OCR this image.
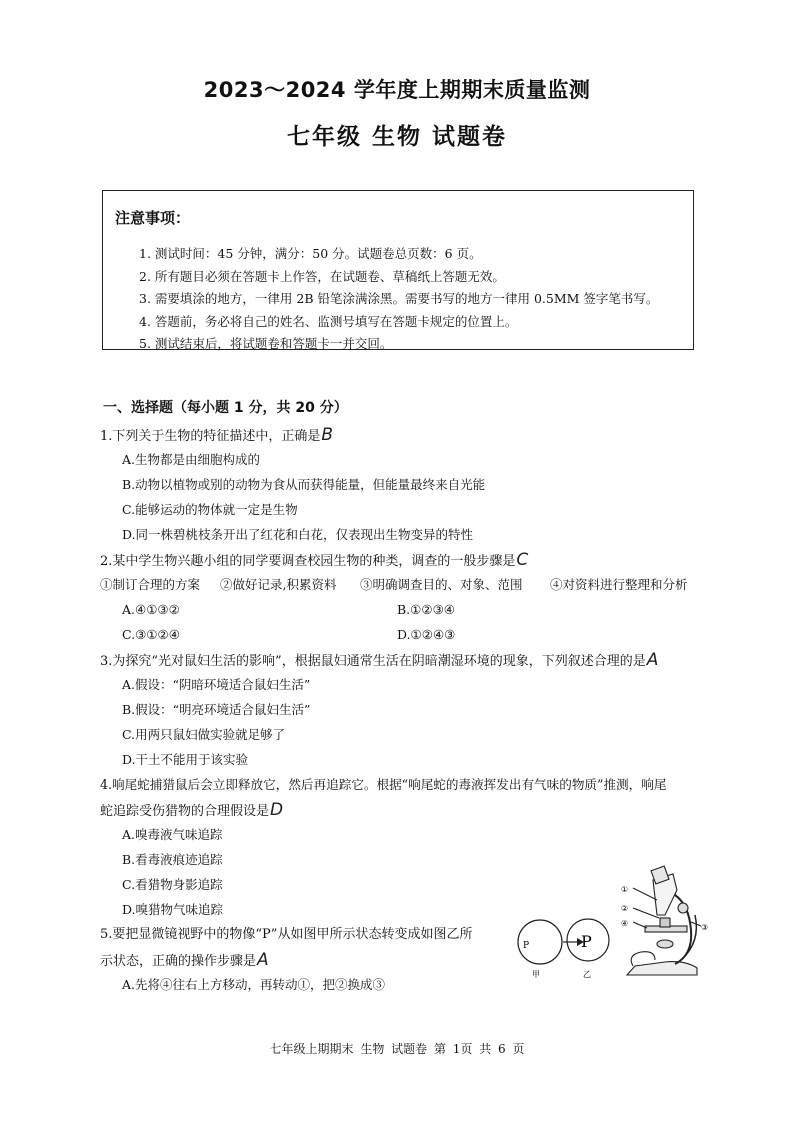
2023～2024 学年度上期期末质量监测
七年级 生物 试题卷
注意事项：
1. 测试时间：45 分钟，满分：50 分。试题卷总页数：6 页。
2. 所有题目必须在答题卡上作答，在试题卷、草稿纸上答题无效。
3. 需要填涂的地方，一律用 2B 铅笔涂满涂黑。需要书写的地方一律用 0.5MM 签字笔书写。
4. 答题前，务必将自己的姓名、监测号填写在答题卡规定的位置上。
5. 测试结束后，将试题卷和答题卡一并交回。
一、选择题（每小题 1 分，共 20 分）
1.下列关于生物的特征描述中，正确是B
A.生物都是由细胞构成的
B.动物以植物或别的动物为食从而获得能量，但能量最终来自光能
C.能够运动的物体就一定是生物
D.同一株碧桃枝条开出了红花和白花，仅表现出生物变异的特性
2.某中学生物兴趣小组的同学要调查校园生物的种类，调查的一般步骤是C
①制订合理的方案 ②做好记录,积累资料 ③明确调查目的、对象、范围 ④对资料进行整理和分析
A.④①③②	B.①②③④
C.③①②④	D.①②④③
3.为探究“光对鼠妇生活的影响”，根据鼠妇通常生活在阴暗潮湿环境的现象，下列叙述合理的是A
A.假设：“阴暗环境适合鼠妇生活”
B.假设：“明亮环境适合鼠妇生活”
C.用两只鼠妇做实验就足够了
D.干土不能用于该实验
4.响尾蛇捕猎鼠后会立即释放它，然后再追踪它。根据“响尾蛇的毒液挥发出有气味的物质”推测，响尾
蛇追踪受伤猎物的合理假设是D
A.嗅毒液气味追踪
B.看毒液痕迹追踪
C.看猎物身影追踪
D.嗅猎物气味追踪
5.要把显微镜视野中的物像“P”从如图甲所示状态转变成如图乙所
示状态，正确的操作步骤是A
A.先将④往右上方移动，再转动①，把②换成③
P
甲
P
乙
①
②
③
④
七年级上期期末 生物 试题卷 第 1页 共 6 页
